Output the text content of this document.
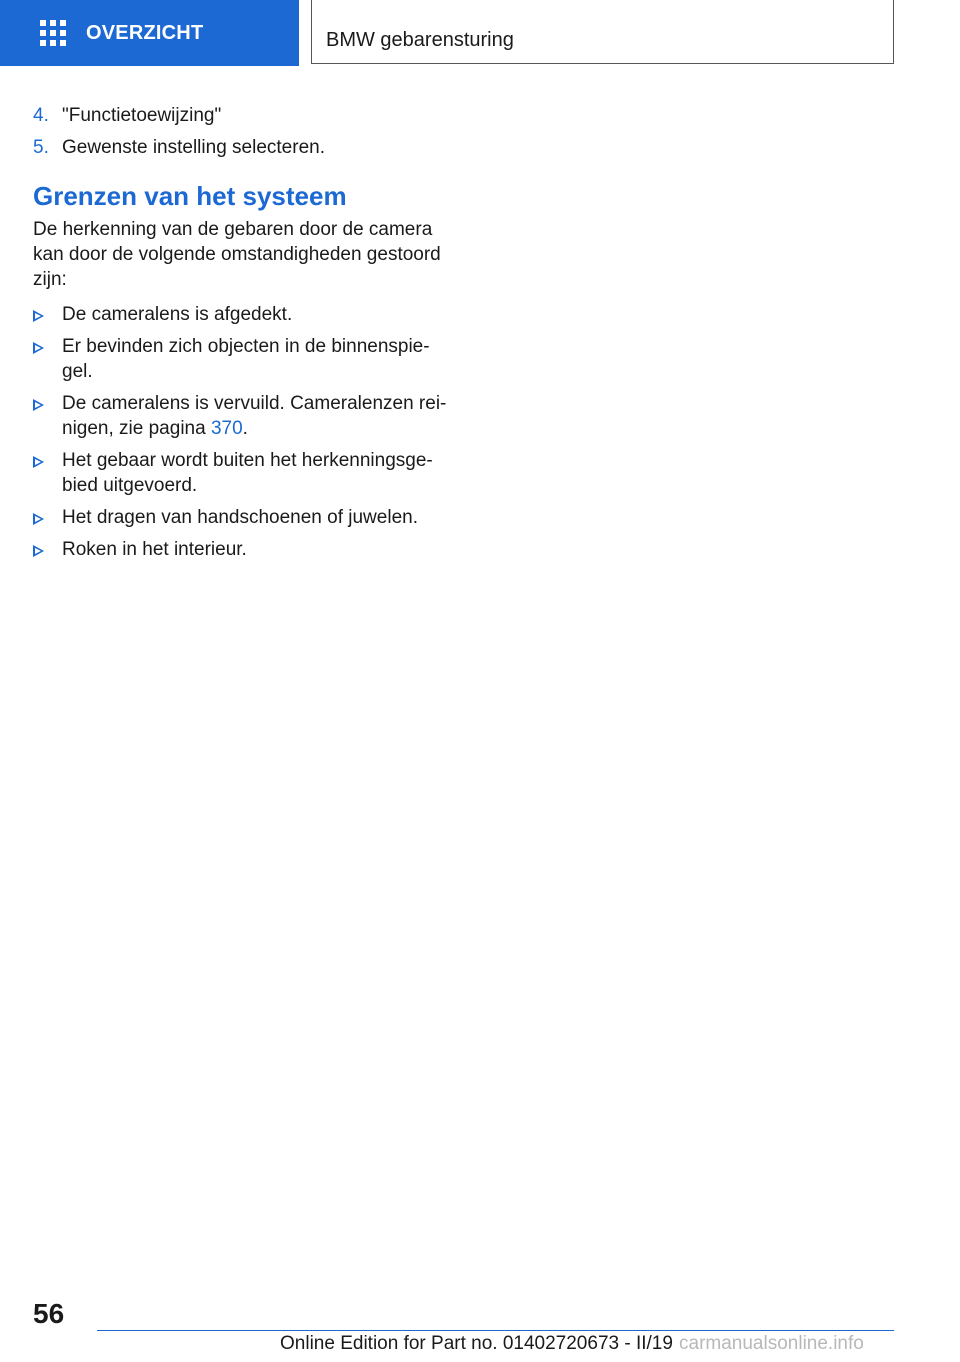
OVERZICHT	BMW gebarensturing
4. "Functietoewijzing"
5. Gewenste instelling selecteren.
Grenzen van het systeem
De herkenning van de gebaren door de camera kan door de volgende omstandigheden gestoord zijn:
De cameralens is afgedekt.
Er bevinden zich objecten in de binnenspie-gel.
De cameralens is vervuild. Cameralenzen rei-nigen, zie pagina 370.
Het gebaar wordt buiten het herkenningsge-bied uitgevoerd.
Het dragen van handschoenen of juwelen.
Roken in het interieur.
56
Online Edition for Part no. 01402720673 - II/19 carmanualsonline.info
